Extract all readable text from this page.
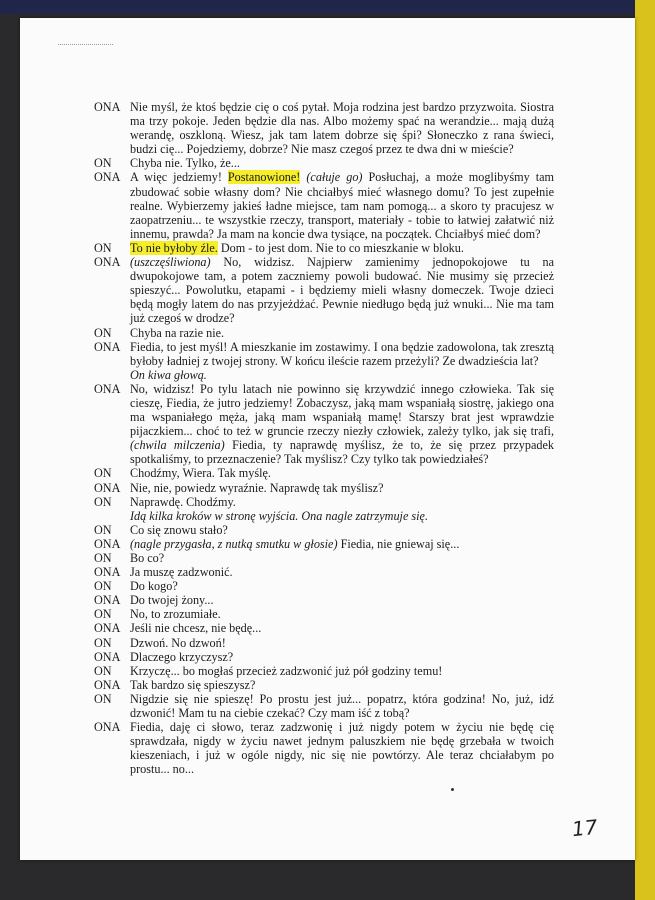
ONA Nie myśl, że ktoś będzie cię o coś pytał. Moja rodzina jest bardzo przyzwoita. Siostra ma trzy pokoje. Jeden będzie dla nas. Albo możemy spać na werandzie... mają dużą werandę, oszkloną. Wiesz, jak tam latem dobrze się śpi? Słoneczko z rana świeci, budzi cię... Pojedziemy, dobrze? Nie masz czegoś przez te dwa dni w mieście?
ON	Chyba nie. Tylko, że...
ONA A więc jedziemy! Postanowione! (całuje go) Posłuchaj, a może moglibyśmy tam zbudować sobie własny dom? Nie chciałbyś mieć własnego domu? To jest zupełnie realne. Wybierzemy jakieś ładne miejsce, tam nam pomogą... a skoro ty pracujesz w zaopatrzeniu... te wszystkie rzeczy, transport, materiały - tobie to łatwiej załatwić niż innemu, prawda? Ja mam na koncie dwa tysiące, na początek. Chciałbyś mieć dom?
ON	To nie byłoby źle. Dom - to jest dom. Nie to co mieszkanie w bloku.
ONA (uszczęśliwiona) No, widzisz. Najpierw zamienimy jednopokojowe tu na dwupokojowe tam, a potem zaczniemy powoli budować. Nie musimy się przecież spieszyć... Powolutku, etapami - i będziemy mieli własny domeczek. Twoje dzieci będą mogły latem do nas przyjeżdżać. Pewnie niedługo będą już wnuki... Nie ma tam już czegoś w drodze?
ON	Chyba na razie nie.
ONA Fiedia, to jest myśl! A mieszkanie im zostawimy. I ona będzie zadowolona, tak zresztą byłoby ładniej z twojej strony. W końcu ileście razem przeżyli? Ze dwadzieścia lat?
On kiwa głową.
ONA No, widzisz! Po tylu latach nie powinno się krzywdzić innego człowieka. Tak się cieszę, Fiedia, że jutro jedziemy! Zobaczysz, jaką mam wspaniałą siostrę, jakiego ona ma wspaniałego męża, jaką mam wspaniałą mamę! Starszy brat jest wprawdzie pijaczkiem... choć to też w gruncie rzeczy niezły człowiek, zależy tylko, jak się trafi, (chwila milczenia) Fiedia, ty naprawdę myślisz, że to, że się przez przypadek spotkaliśmy, to przeznaczenie? Tak myślisz? Czy tylko tak powiedziałeś?
ON	Chodźmy, Wiera. Tak myślę.
ONA Nie, nie, powiedz wyraźnie. Naprawdę tak myślisz?
ON	Naprawdę. Chodźmy.
Idą kilka kroków w stronę wyjścia. Ona nagle zatrzymuje się.
ON	Co się znowu stało?
ONA (nagle przygasła, z nutką smutku w głosie) Fiedia, nie gniewaj się...
ON	Bo co?
ONA Ja muszę zadzwonić.
ON	Do kogo?
ONA Do twojej żony...
ON	No, to zrozumiałe.
ONA Jeśli nie chcesz, nie będę...
ON	Dzwoń. No dzwoń!
ONA Dlaczego krzyczysz?
ON	Krzyczę... bo mogłaś przecież zadzwonić już pół godziny temu!
ONA Tak bardzo się spieszysz?
ON	Nigdzie się nie spieszę! Po prostu jest już... popatrz, która godzina! No, już, idź dzwonić! Mam tu na ciebie czekać? Czy mam iść z tobą?
ONA Fiedia, daję ci słowo, teraz zadzwonię i już nigdy potem w życiu nie będę cię sprawdzała, nigdy w życiu nawet jednym paluszkiem nie będę grzebała w twoich kieszeniach, i już w ogóle nigdy, nic się nie powtórzy. Ale teraz chciałabym po prostu... no...
17
